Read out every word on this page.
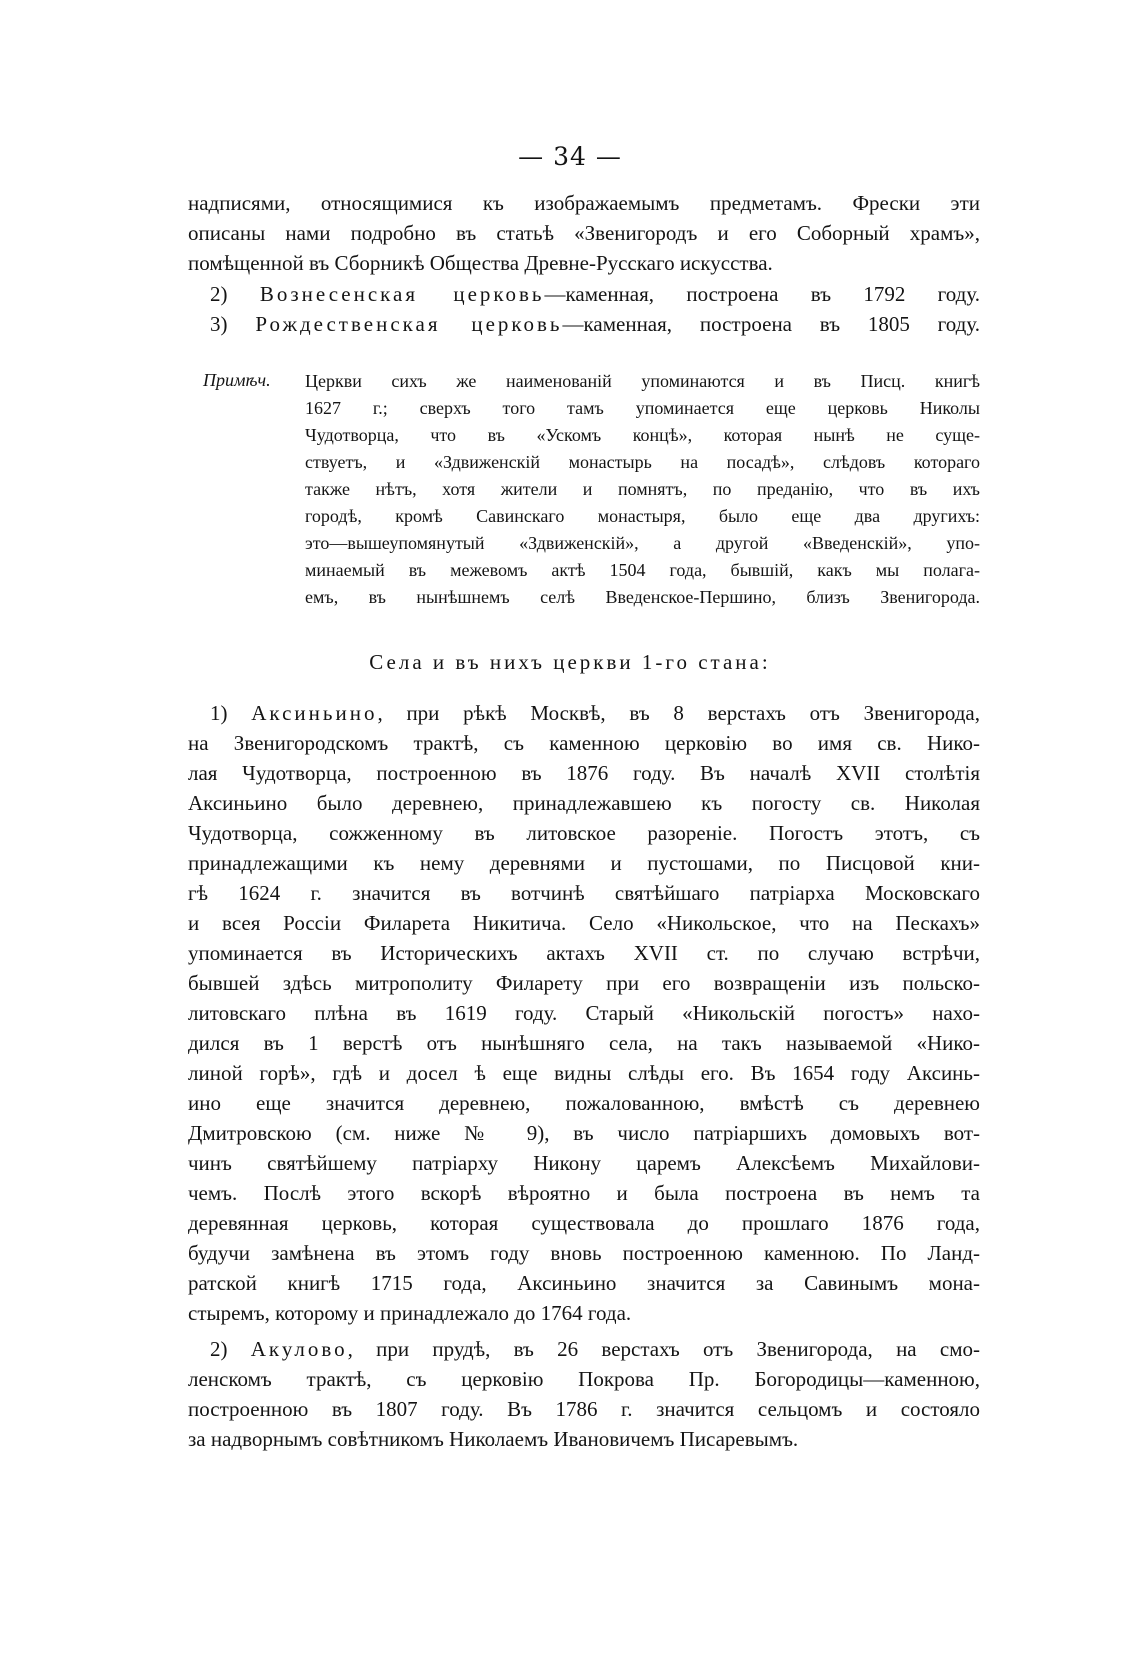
— 34 —
надписями, относящимися къ изображаемымъ предметамъ. Фрески эти
описаны нами подробно въ статьѣ «Звенигородъ и его Соборный храмъ»,
помѣщенной въ Сборникѣ Общества Древне-Русскаго искусства.
2) Вознесенская церковь—каменная, построена въ 1792 году.
3) Рождественская церковь—каменная, построена въ 1805 году.
Примѣч. Церкви сихъ же наименованій упоминаются и въ Писц. книгѣ
1627 г.; сверхъ того тамъ упоминается еще церковь Николы
Чудотворца, что въ «Ускомъ концѣ», которая нынѣ не суще-
ствуетъ, и «Здвиженскій монастырь на посадѣ», слѣдовъ котораго
также нѣтъ, хотя жители и помнятъ, по преданію, что въ ихъ
городѣ, кромѣ Савинскаго монастыря, было еще два другихъ:
это—вышеупомянутый «Здвиженскій», а другой «Введенскій», упо-
минаемый въ межевомъ актѣ 1504 года, бывшій, какъ мы полага-
емъ, въ нынѣшнемъ селѣ Введенское-Першино, близъ Звенигорода.
Села и въ нихъ церкви 1-го стана:
1) Аксиньино, при рѣкѣ Москвѣ, въ 8 верстахъ отъ Звенигорода,
на Звенигородскомъ трактѣ, съ каменною церковію во имя св. Нико-
лая Чудотворца, построенною въ 1876 году. Въ началѣ XVII столѣтія
Аксиньино было деревнею, принадлежавшею къ погосту св. Николая
Чудотворца, сожженному въ литовское разореніе. Погостъ этотъ, съ
принадлежащими къ нему деревнями и пустошами, по Писцовой кни-
гѣ 1624 г. значится въ вотчинѣ святѣйшаго патріарха Московскаго
и всея Россіи Филарета Никитича. Село «Никольское, что на Пескахъ»
упоминается въ Историческихъ актахъ XVII ст. по случаю встрѣчи,
бывшей здѣсь митрополиту Филарету при его возвращеніи изъ польско-
литовскаго плѣна въ 1619 году. Старый «Никольскій погостъ» нахо-
дился въ 1 верстѣ отъ нынѣшняго села, на такъ называемой «Нико-
линой горѣ», гдѣ и досел ѣ еще видны слѣды его. Въ 1654 году Аксинь-
ино еще значится деревнею, пожалованною, вмѣстѣ съ деревнею
Дмитровскою (см. ниже № 9), въ число патріаршихъ домовыхъ вот-
чинъ святѣйшему патріарху Никону царемъ Алексѣемъ Михайлови-
чемъ. Послѣ этого вскорѣ вѣроятно и была построена въ немъ та
деревянная церковь, которая существовала до прошлаго 1876 года,
будучи замѣнена въ этомъ году вновь построенною каменною. По Ланд-
ратской книгѣ 1715 года, Аксиньино значится за Савинымъ мона-
стыремъ, которому и принадлежало до 1764 года.
2) Акулово, при прудѣ, въ 26 верстахъ отъ Звенигорода, на смо-
ленскомъ трактѣ, съ церковію Покрова Пр. Богородицы—каменною,
построенною въ 1807 году. Въ 1786 г. значится сельцомъ и состояло
за надворнымъ совѣтникомъ Николаемъ Ивановичемъ Писаревымъ.
